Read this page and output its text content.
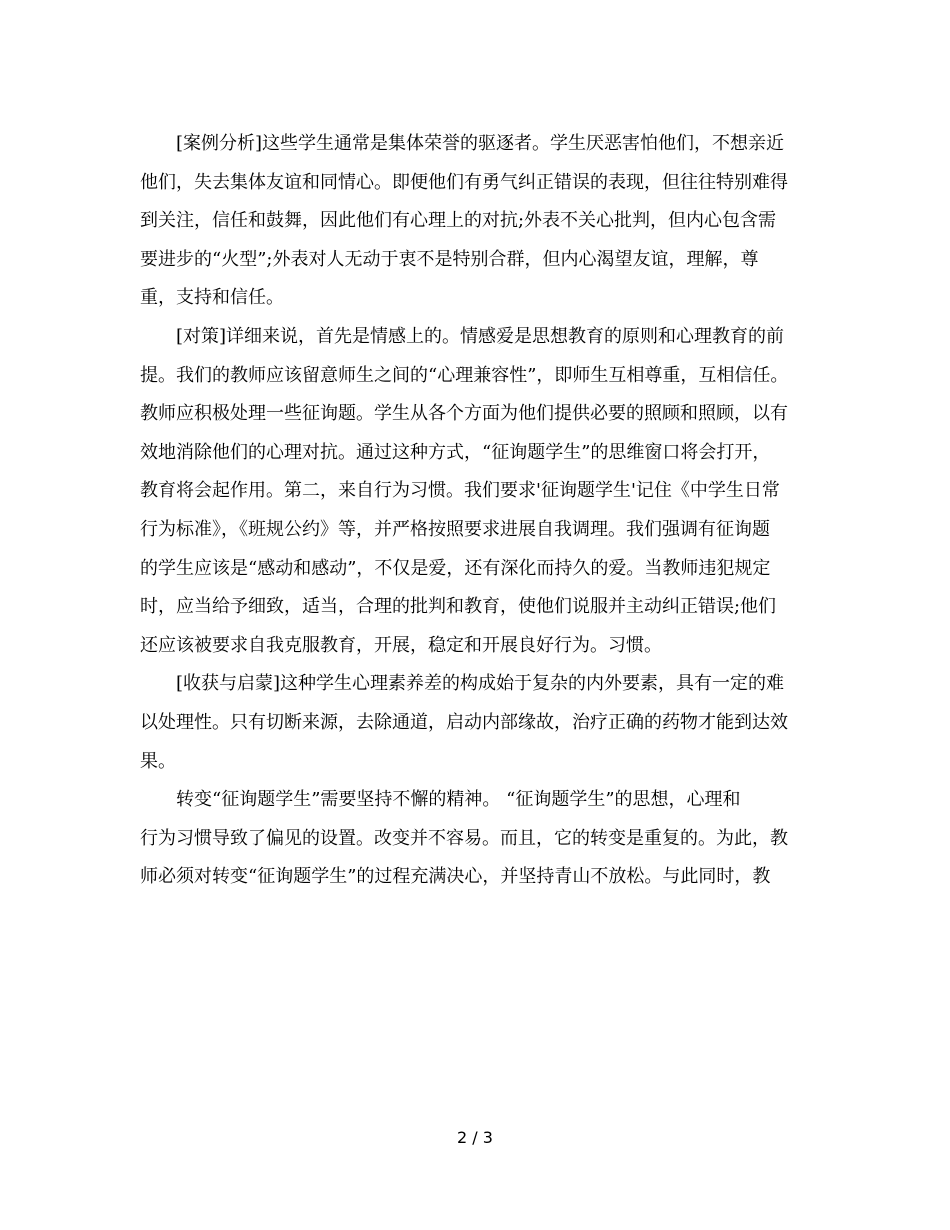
[案例分析]这些学生通常是集体荣誉的驱逐者。学生厌恶害怕他们，不想亲近
他们，失去集体友谊和同情心。即便他们有勇气纠正错误的表现，但往往特别难得
到关注，信任和鼓舞，因此他们有心理上的对抗;外表不关心批判，但内心包含需
要进步的“火型”;外表对人无动于衷不是特别合群，但内心渴望友谊，理解，尊
重，支持和信任。

[对策]详细来说，首先是情感上的。情感爱是思想教育的原则和心理教育的前
提。我们的教师应该留意师生之间的“心理兼容性”，即师生互相尊重，互相信任。
教师应积极处理一些征询题。学生从各个方面为他们提供必要的照顾和照顾，以有
效地消除他们的心理对抗。通过这种方式，“征询题学生”的思维窗口将会打开，
教育将会起作用。第二，来自行为习惯。我们要求'征询题学生'记住《中学生日常
行为标准》，《班规公约》等，并严格按照要求进展自我调理。我们强调有征询题
的学生应该是“感动和感动”，不仅是爱，还有深化而持久的爱。当教师违犯规定
时，应当给予细致，适当，合理的批判和教育，使他们说服并主动纠正错误;他们
还应该被要求自我克服教育，开展，稳定和开展良好行为。习惯。

[收获与启蒙]这种学生心理素养差的构成始于复杂的内外要素，具有一定的难
以处理性。只有切断来源，去除通道，启动内部缘故，治疗正确的药物才能到达效
果。

转变“征询题学生”需要坚持不懈的精神。 “征询题学生”的思想，心理和
行为习惯导致了偏见的设置。改变并不容易。而且，它的转变是重复的。为此，教
师必须对转变“征询题学生”的过程充满决心，并坚持青山不放松。与此同时，教

2 / 3
